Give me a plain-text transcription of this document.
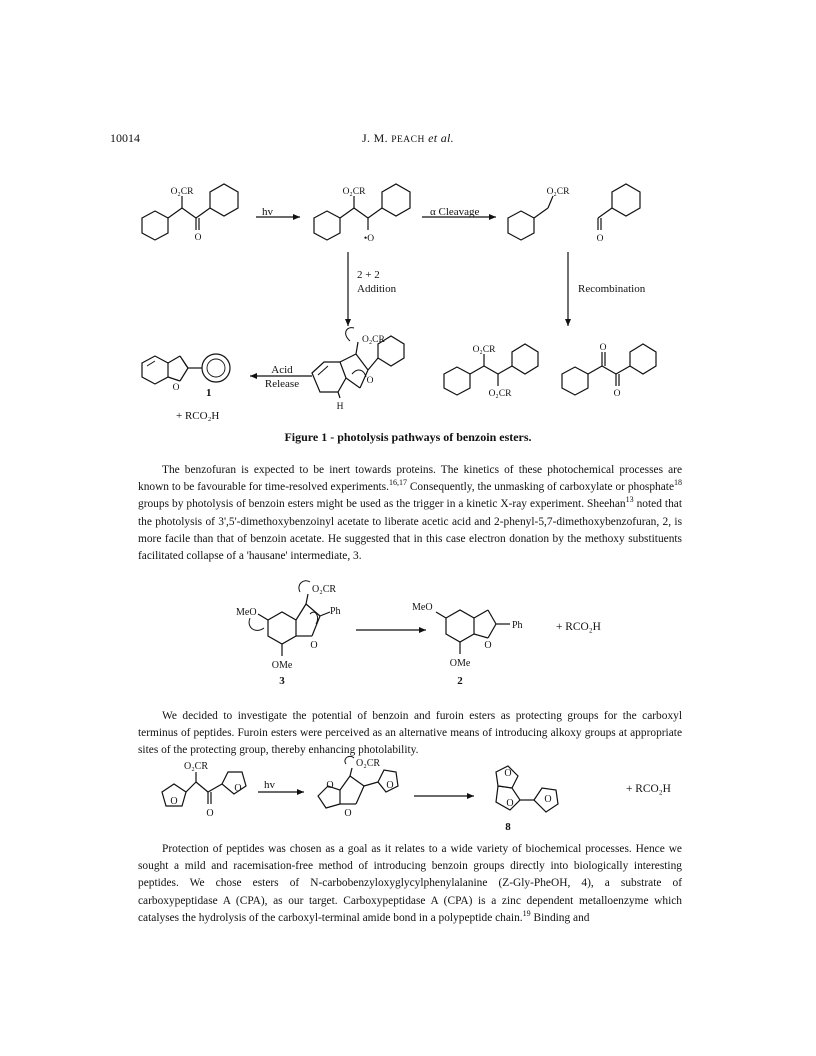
10014	J. M. PEACH et al.
O₂CR
O
O₂CR
•O
O₂CR
O
O₂CR
O
H
O
O₂CR
O₂CR
O
O
hv	α Cleavage
2 + 2
Addition	Recombination
Acid
Release
1
+ RCO₂H
Figure 1 - photolysis pathways of benzoin esters.

The benzofuran is expected to be inert towards proteins. The kinetics of these photochemical processes are known to be favourable for time-resolved experiments.$^{16,17}$ Consequently, the unmasking of carboxylate or phosphate$^{18}$ groups by photolysis of benzoin esters might be used as the trigger in a kinetic X-ray experiment. Sheehan$^{13}$ noted that the photolysis of 3',5'-dimethoxybenzoinyl acetate to liberate acetic acid and 2-phenyl-5,7-dimethoxybenzofuran, 2, is more facile than that of benzoin acetate. He suggested that in this case electron donation by the methoxy substituents facilitated collapse of a 'hausane' intermediate, 3.

MeO
OMe
Ph
O₂CR
O
3
MeO
OMe
Ph
O
2
+ RCO₂H

We decided to investigate the potential of benzoin and furoin esters as protecting groups for the carboxyl terminus of peptides. Furoin esters were perceived as an alternative means of introducing alkoxy groups at appropriate sites of the protecting group, thereby enhancing photolability.

O₂CR
O
O
O hv
O₂CR
O
O
O
O
O	O
8
+ RCO₂H

Protection of peptides was chosen as a goal as it relates to a wide variety of biochemical processes. Hence we sought a mild and racemisation-free method of introducing benzoin groups directly into biologically interesting peptides. We chose esters of N-carbobenzyloxyglycylphenylalanine (Z-Gly-PheOH, 4), a substrate of carboxypeptidase A (CPA), as our target. Carboxypeptidase A (CPA) is a zinc dependent metalloenzyme which catalyses the hydrolysis of the carboxyl-terminal amide bond in a polypeptide chain.$^{19}$ Binding and
